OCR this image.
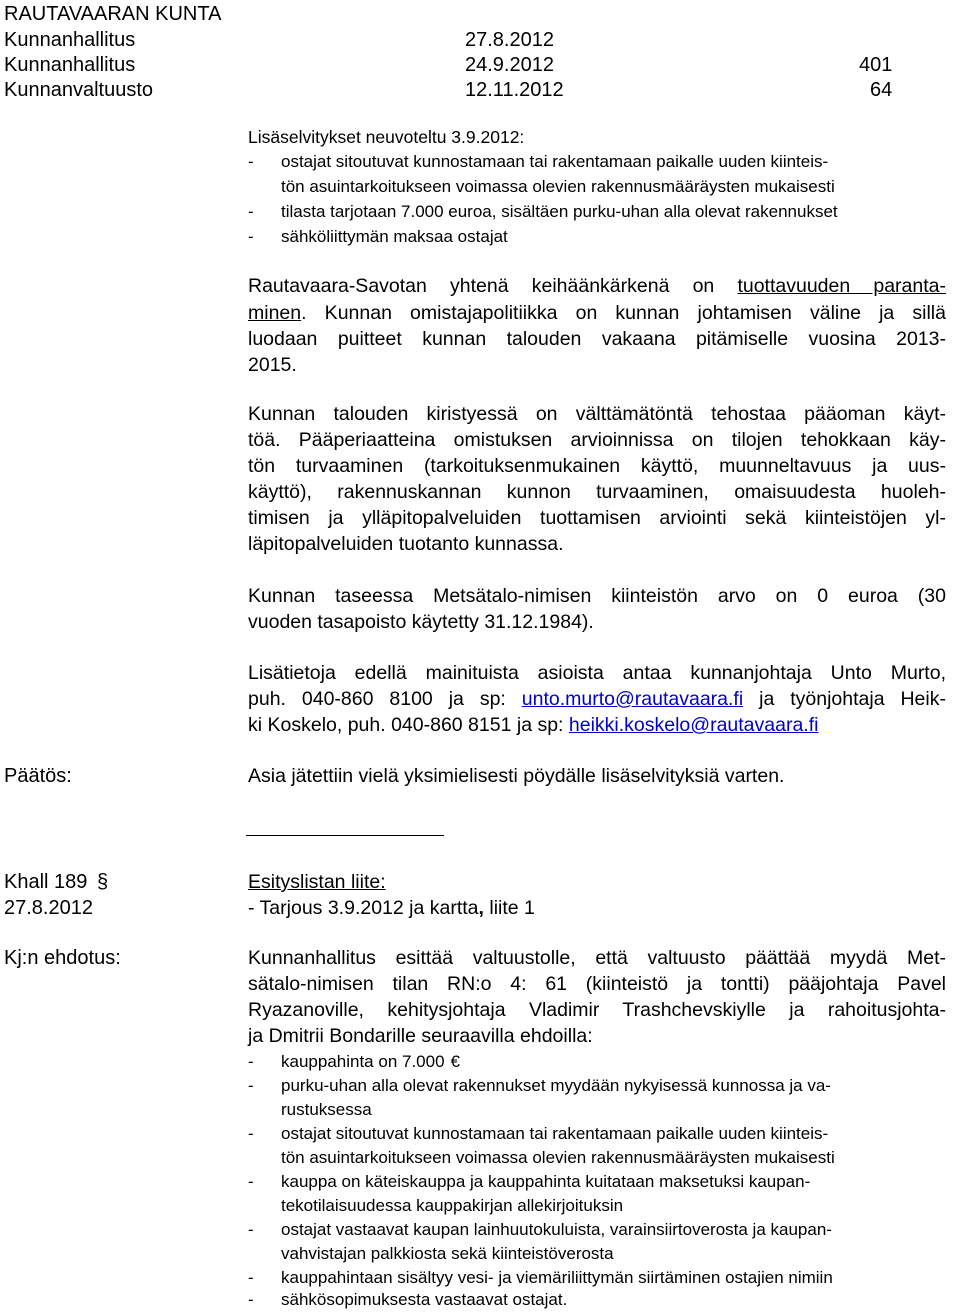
RAUTAVAARAN KUNTA
Kunnanhallitus	27.8.2012
Kunnanhallitus	24.9.2012	401
Kunnanvaltuusto	12.11.2012	64
Lisäselvitykset neuvoteltu 3.9.2012:
- ostajat sitoutuvat kunnostamaan tai rakentamaan paikalle uuden kiinteis-
tön asuintarkoitukseen voimassa olevien rakennusmääräysten mukaisesti
- tilasta tarjotaan 7.000 euroa, sisältäen purku-uhan alla olevat rakennukset
- sähköliittymän maksaa ostajat
Rautavaara-Savotan yhtenä keihäänkärkenä on tuottavuuden paranta-
minen. Kunnan omistajapolitiikka on kunnan johtamisen väline ja sillä
luodaan puitteet kunnan talouden vakaana pitämiselle vuosina 2013-
2015.
Kunnan talouden kiristyessä on välttämätöntä tehostaa pääoman käyt-
töä. Pääperiaatteina omistuksen arvioinnissa on tilojen tehokkaan käy-
tön turvaaminen (tarkoituksenmukainen käyttö, muunneltavuus ja uus-
käyttö), rakennuskannan kunnon turvaaminen, omaisuudesta huoleh-
timisen ja ylläpitopalveluiden tuottamisen arviointi sekä kiinteistöjen yl-
läpitopalveluiden tuotanto kunnassa.
Kunnan taseessa Metsätalo-nimisen kiinteistön arvo on 0 euroa (30
vuoden tasapoisto käytetty 31.12.1984).
Lisätietoja edellä mainituista asioista antaa kunnanjohtaja Unto Murto,
puh. 040-860 8100 ja sp: unto.murto@rautavaara.fi ja työnjohtaja Heik-
ki Koskelo, puh. 040-860 8151 ja sp: heikki.koskelo@rautavaara.fi
Päätös:	Asia jätettiin vielä yksimielisesti pöydälle lisäselvityksiä varten.
Khall 189 §	Esityslistan liite:
27.8.2012	- Tarjous 3.9.2012 ja kartta, liite 1
Kj:n ehdotus:	Kunnanhallitus esittää valtuustolle, että valtuusto päättää myydä Met-
sätalo-nimisen tilan RN:o 4: 61 (kiinteistö ja tontti) pääjohtaja Pavel
Ryazanoville, kehitysjohtaja Vladimir Trashchevskiylle ja rahoitusjohta-
ja Dmitrii Bondarille seuraavilla ehdoilla:
- kauppahinta on 7.000 €
- purku-uhan alla olevat rakennukset myydään nykyisessä kunnossa ja va-
rustuksessa
- ostajat sitoutuvat kunnostamaan tai rakentamaan paikalle uuden kiinteis-
tön asuintarkoitukseen voimassa olevien rakennusmääräysten mukaisesti
- kauppa on käteiskauppa ja kauppahinta kuitataan maksetuksi kaupan-
tekotilaisuudessa kauppakirjan allekirjoituksin
- ostajat vastaavat kaupan lainhuutokuluista, varainsiirtoverosta ja kaupan-
vahvistajan palkkiosta sekä kiinteistöverosta
- kauppahintaan sisältyy vesi- ja viemäriliittymän siirtäminen ostajien nimiin
- sähkösopimuksesta vastaavat ostajat.
